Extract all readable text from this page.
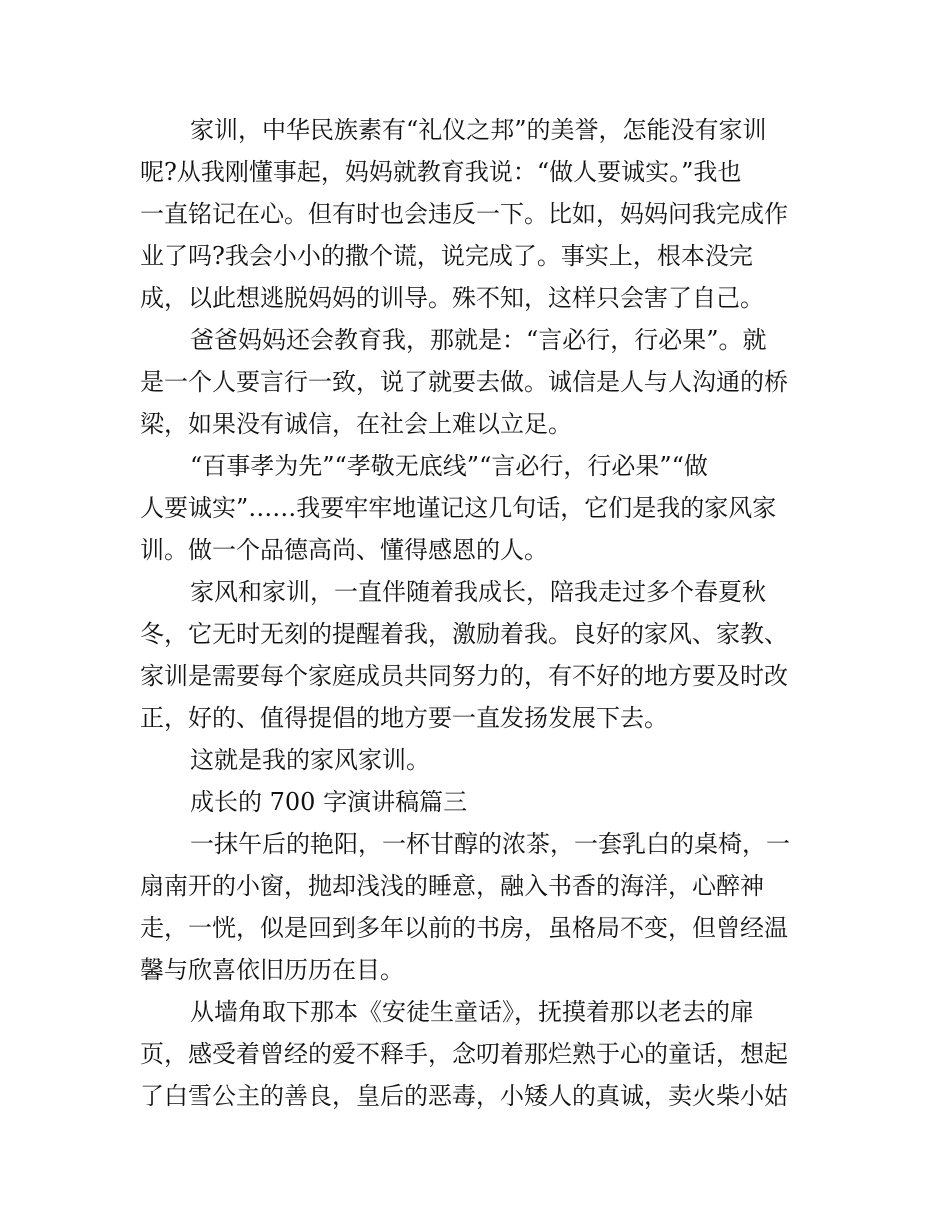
家训，中华民族素有“礼仪之邦”的美誉，怎能没有家训
呢?从我刚懂事起，妈妈就教育我说：“做人要诚实。”我也
一直铭记在心。但有时也会违反一下。比如，妈妈问我完成作
业了吗?我会小小的撒个谎，说完成了。事实上，根本没完
成，以此想逃脱妈妈的训导。殊不知，这样只会害了自己。
爸爸妈妈还会教育我，那就是：“言必行，行必果”。就
是一个人要言行一致，说了就要去做。诚信是人与人沟通的桥
梁，如果没有诚信，在社会上难以立足。
“百事孝为先”“孝敬无底线”“言必行，行必果”“做
人要诚实”……我要牢牢地谨记这几句话，它们是我的家风家
训。做一个品德高尚、懂得感恩的人。
家风和家训，一直伴随着我成长，陪我走过多个春夏秋
冬，它无时无刻的提醒着我，激励着我。良好的家风、家教、
家训是需要每个家庭成员共同努力的，有不好的地方要及时改
正，好的、值得提倡的地方要一直发扬发展下去。
这就是我的家风家训。
成长的 700 字演讲稿篇三
一抹午后的艳阳，一杯甘醇的浓茶，一套乳白的桌椅，一
扇南开的小窗，抛却浅浅的睡意，融入书香的海洋，心醉神
走，一恍，似是回到多年以前的书房，虽格局不变，但曾经温
馨与欣喜依旧历历在目。
从墙角取下那本《安徒生童话》，抚摸着那以老去的扉
页，感受着曾经的爱不释手，念叨着那烂熟于心的童话，想起
了白雪公主的善良，皇后的恶毒，小矮人的真诚，卖火柴小姑
